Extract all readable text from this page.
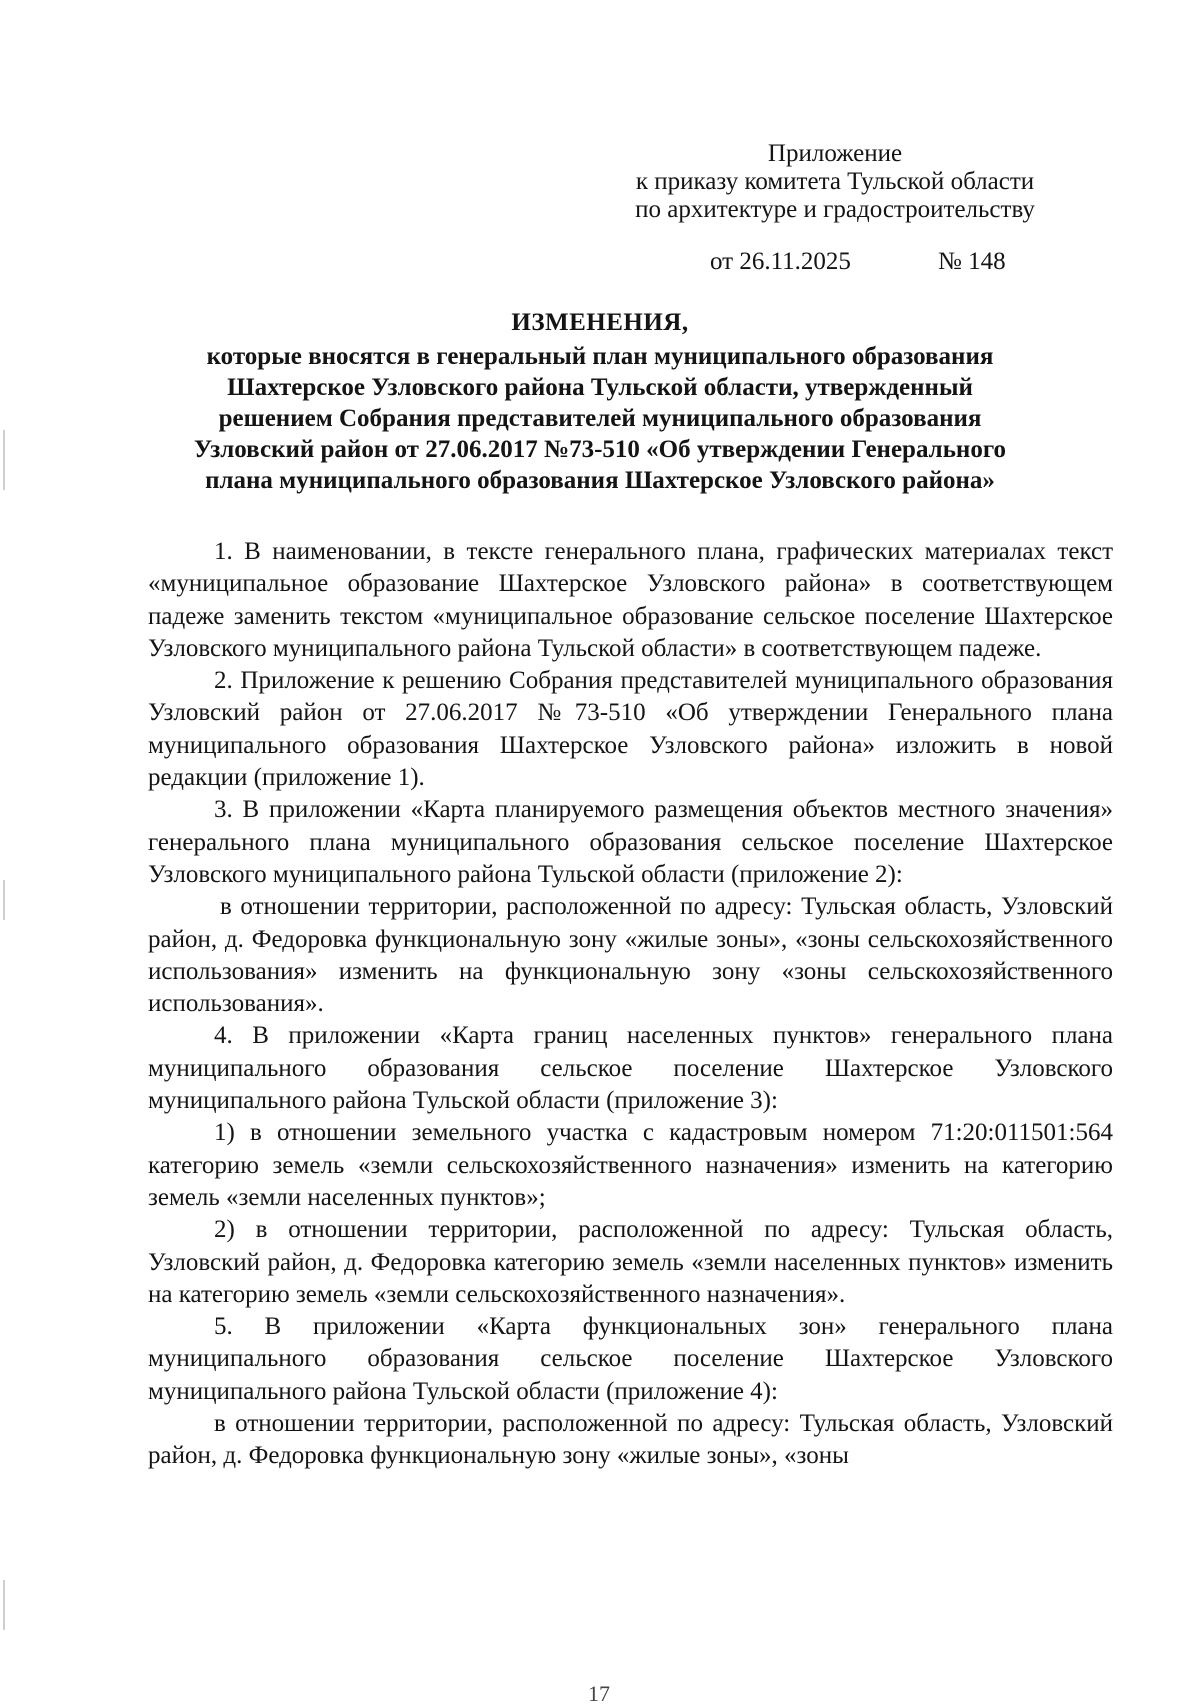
Приложение
к приказу комитета Тульской области
по архитектуре и градостроительству
от 26.11.2025	№ 148
ИЗМЕНЕНИЯ,
которые вносятся в генеральный план муниципального образования
Шахтерское Узловского района Тульской области, утвержденный
решением Собрания представителей муниципального образования
Узловский район от 27.06.2017 №73-510 «Об утверждении Генерального
плана муниципального образования Шахтерское Узловского района»

1. В наименовании, в тексте генерального плана, графических материалах текст «муниципальное образование Шахтерское Узловского района» в соответствующем падеже заменить текстом «муниципальное образование сельское поселение Шахтерское Узловского муниципального района Тульской области» в соответствующем падеже.

2. Приложение к решению Собрания представителей муниципального образования Узловский район от 27.06.2017 №73-510 «Об утверждении Генерального плана муниципального образования Шахтерское Узловского района» изложить в новой редакции (приложение 1).

3. В приложении «Карта планируемого размещения объектов местного значения» генерального плана муниципального образования сельское поселение Шахтерское Узловского муниципального района Тульской области (приложение 2):

в отношении территории, расположенной по адресу: Тульская область, Узловский район, д. Федоровка функциональную зону «жилые зоны», «зоны сельскохозяйственного использования» изменить на функциональную зону «зоны сельскохозяйственного использования».

4. В приложении «Карта границ населенных пунктов» генерального плана муниципального образования сельское поселение Шахтерское Узловского муниципального района Тульской области (приложение 3):

1) в отношении земельного участка с кадастровым номером 71:20:011501:564 категорию земель «земли сельскохозяйственного назначения» изменить на категорию земель «земли населенных пунктов»;

2) в отношении территории, расположенной по адресу: Тульская область, Узловский район, д. Федоровка категорию земель «земли населенных пунктов» изменить на категорию земель «земли сельскохозяйственного назначения».

5. В приложении «Карта функциональных зон» генерального плана муниципального образования сельское поселение Шахтерское Узловского муниципального района Тульской области (приложение 4):

в отношении территории, расположенной по адресу: Тульская область, Узловский район, д. Федоровка функциональную зону «жилые зоны», «зоны

17
